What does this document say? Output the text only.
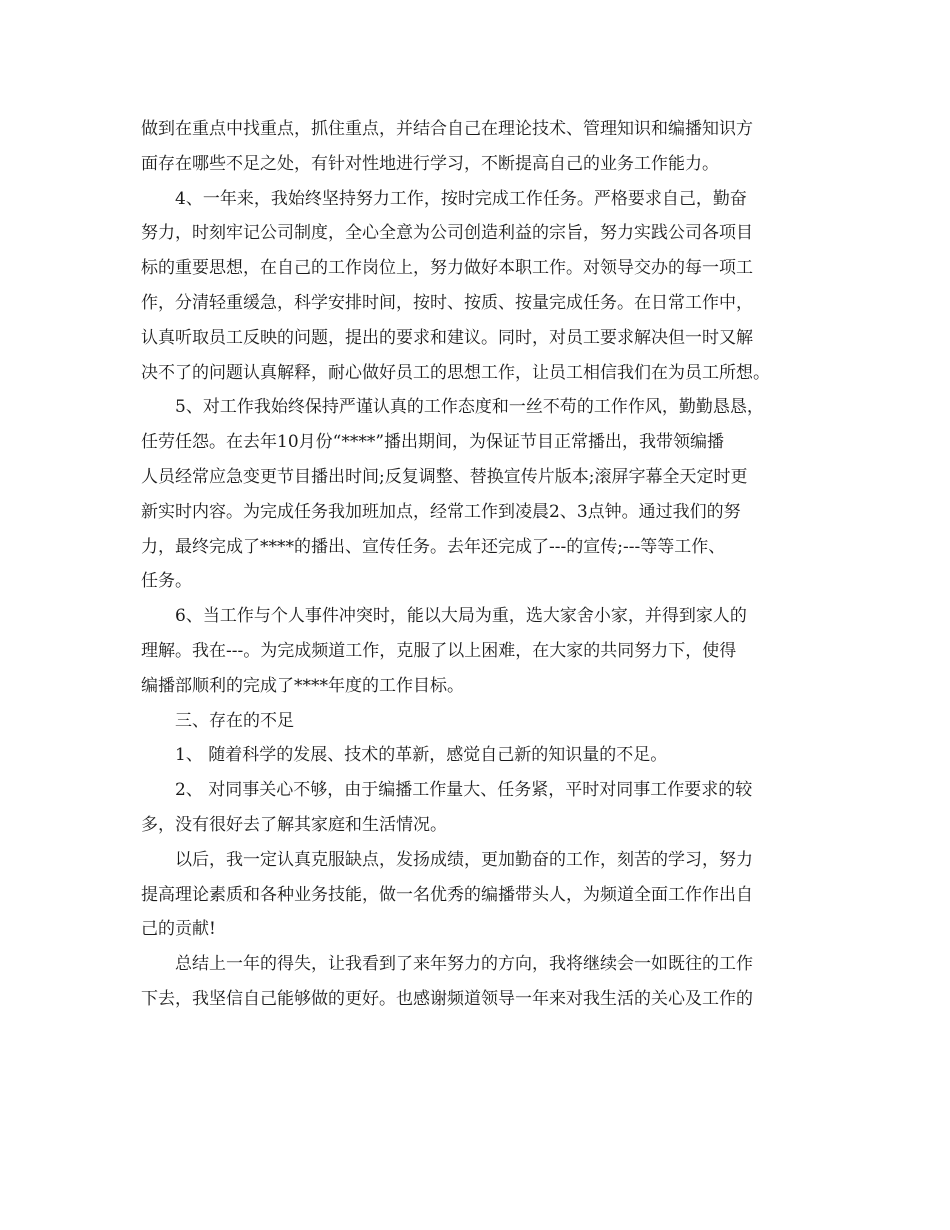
做到在重点中找重点，抓住重点，并结合自己在理论技术、管理知识和编播知识方
面存在哪些不足之处，有针对性地进行学习，不断提高自己的业务工作能力。
4、一年来，我始终坚持努力工作，按时完成工作任务。严格要求自己，勤奋
努力，时刻牢记公司制度，全心全意为公司创造利益的宗旨，努力实践公司各项目
标的重要思想，在自己的工作岗位上，努力做好本职工作。对领导交办的每一项工
作，分清轻重缓急，科学安排时间，按时、按质、按量完成任务。在日常工作中，
认真听取员工反映的问题，提出的要求和建议。同时，对员工要求解决但一时又解
决不了的问题认真解释，耐心做好员工的思想工作，让员工相信我们在为员工所想。
5、对工作我始终保持严谨认真的工作态度和一丝不苟的工作作风，勤勤恳恳，
任劳任怨。在去年10月份“****”播出期间，为保证节目正常播出，我带领编播
人员经常应急变更节目播出时间;反复调整、替换宣传片版本;滚屏字幕全天定时更
新实时内容。为完成任务我加班加点，经常工作到凌晨2、3点钟。通过我们的努
力，最终完成了****的播出、宣传任务。去年还完成了---的宣传;---等等工作、
任务。
6、当工作与个人事件冲突时，能以大局为重，选大家舍小家，并得到家人的
理解。我在---。为完成频道工作，克服了以上困难，在大家的共同努力下，使得
编播部顺利的完成了****年度的工作目标。
三、存在的不足
1、 随着科学的发展、技术的革新，感觉自己新的知识量的不足。
2、 对同事关心不够，由于编播工作量大、任务紧，平时对同事工作要求的较
多，没有很好去了解其家庭和生活情况。
以后，我一定认真克服缺点，发扬成绩，更加勤奋的工作，刻苦的学习，努力
提高理论素质和各种业务技能，做一名优秀的编播带头人，为频道全面工作作出自
己的贡献!
总结上一年的得失，让我看到了来年努力的方向，我将继续会一如既往的工作
下去，我坚信自己能够做的更好。也感谢频道领导一年来对我生活的关心及工作的
